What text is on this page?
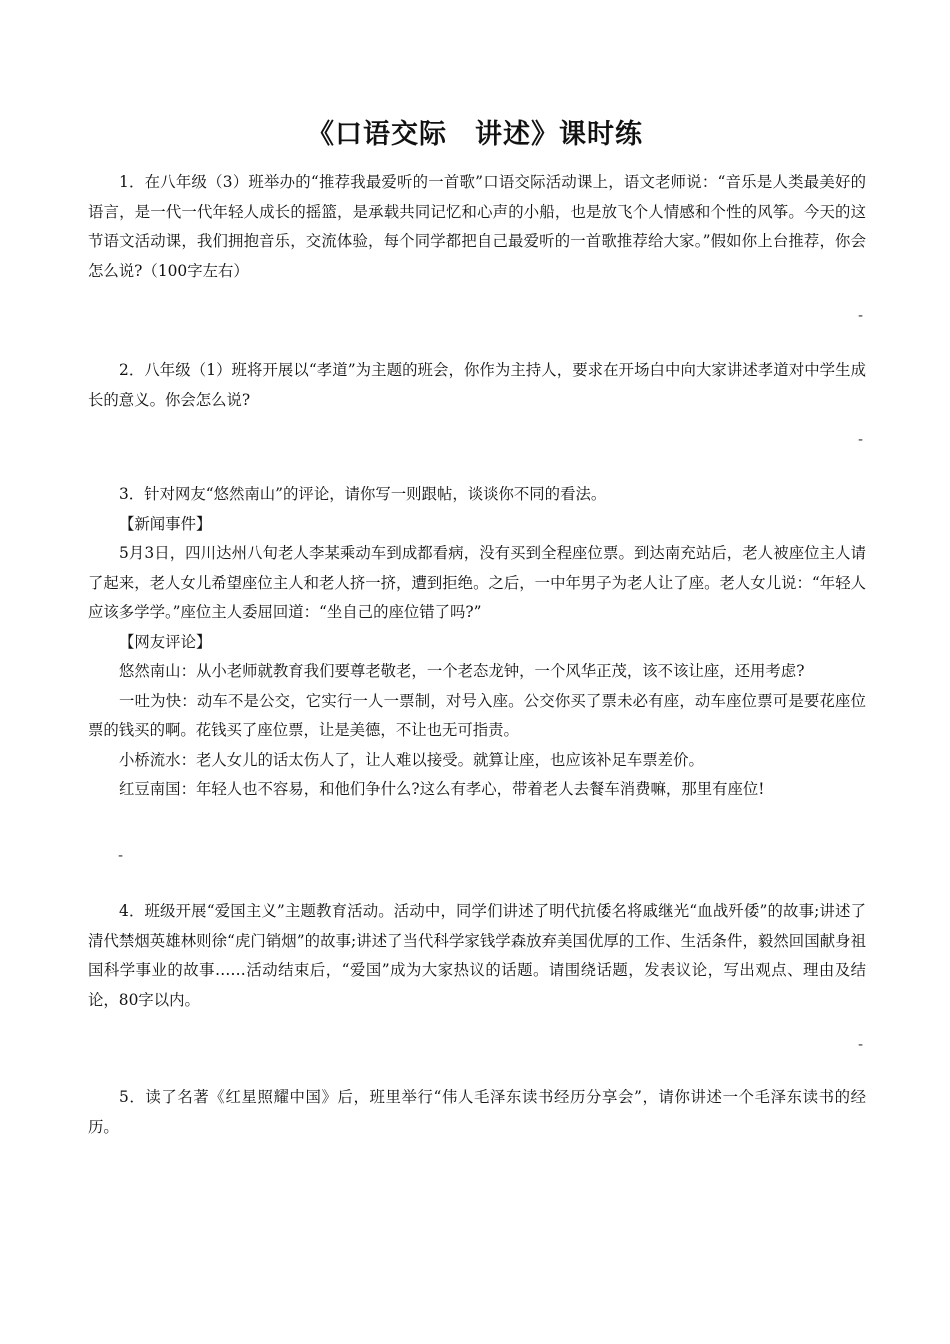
《口语交际　讲述》课时练

1．在八年级（3）班举办的“推荐我最爱听的一首歌”口语交际活动课上，语文老师说：“音乐是人类最美好的语言，是一代一代年轻人成长的摇篮，是承载共同记忆和心声的小船，也是放飞个人情感和个性的风筝。今天的这节语文活动课，我们拥抱音乐，交流体验，每个同学都把自己最爱听的一首歌推荐给大家。”假如你上台推荐，你会怎么说?（100字左右）

-

2．八年级（1）班将开展以“孝道”为主题的班会，你作为主持人，要求在开场白中向大家讲述孝道对中学生成长的意义。你会怎么说?

-

3．针对网友“悠然南山”的评论，请你写一则跟帖，谈谈你不同的看法。

【新闻事件】

5月3日，四川达州八旬老人李某乘动车到成都看病，没有买到全程座位票。到达南充站后，老人被座位主人请了起来，老人女儿希望座位主人和老人挤一挤，遭到拒绝。之后，一中年男子为老人让了座。老人女儿说：“年轻人应该多学学。”座位主人委屈回道：“坐自己的座位错了吗?”

【网友评论】

悠然南山：从小老师就教育我们要尊老敬老，一个老态龙钟，一个风华正茂，该不该让座，还用考虑?

一吐为快：动车不是公交，它实行一人一票制，对号入座。公交你买了票未必有座，动车座位票可是要花座位票的钱买的啊。花钱买了座位票，让是美德，不让也无可指责。

小桥流水：老人女儿的话太伤人了，让人难以接受。就算让座，也应该补足车票差价。

红豆南国：年轻人也不容易，和他们争什么?这么有孝心，带着老人去餐车消费嘛，那里有座位!

-

4．班级开展“爱国主义”主题教育活动。活动中，同学们讲述了明代抗倭名将戚继光“血战歼倭”的故事;讲述了清代禁烟英雄林则徐“虎门销烟”的故事;讲述了当代科学家钱学森放弃美国优厚的工作、生活条件，毅然回国献身祖国科学事业的故事……活动结束后，“爱国”成为大家热议的话题。请围绕话题，发表议论，写出观点、理由及结论，80字以内。

-

5．读了名著《红星照耀中国》后，班里举行“伟人毛泽东读书经历分享会”，请你讲述一个毛泽东读书的经历。
